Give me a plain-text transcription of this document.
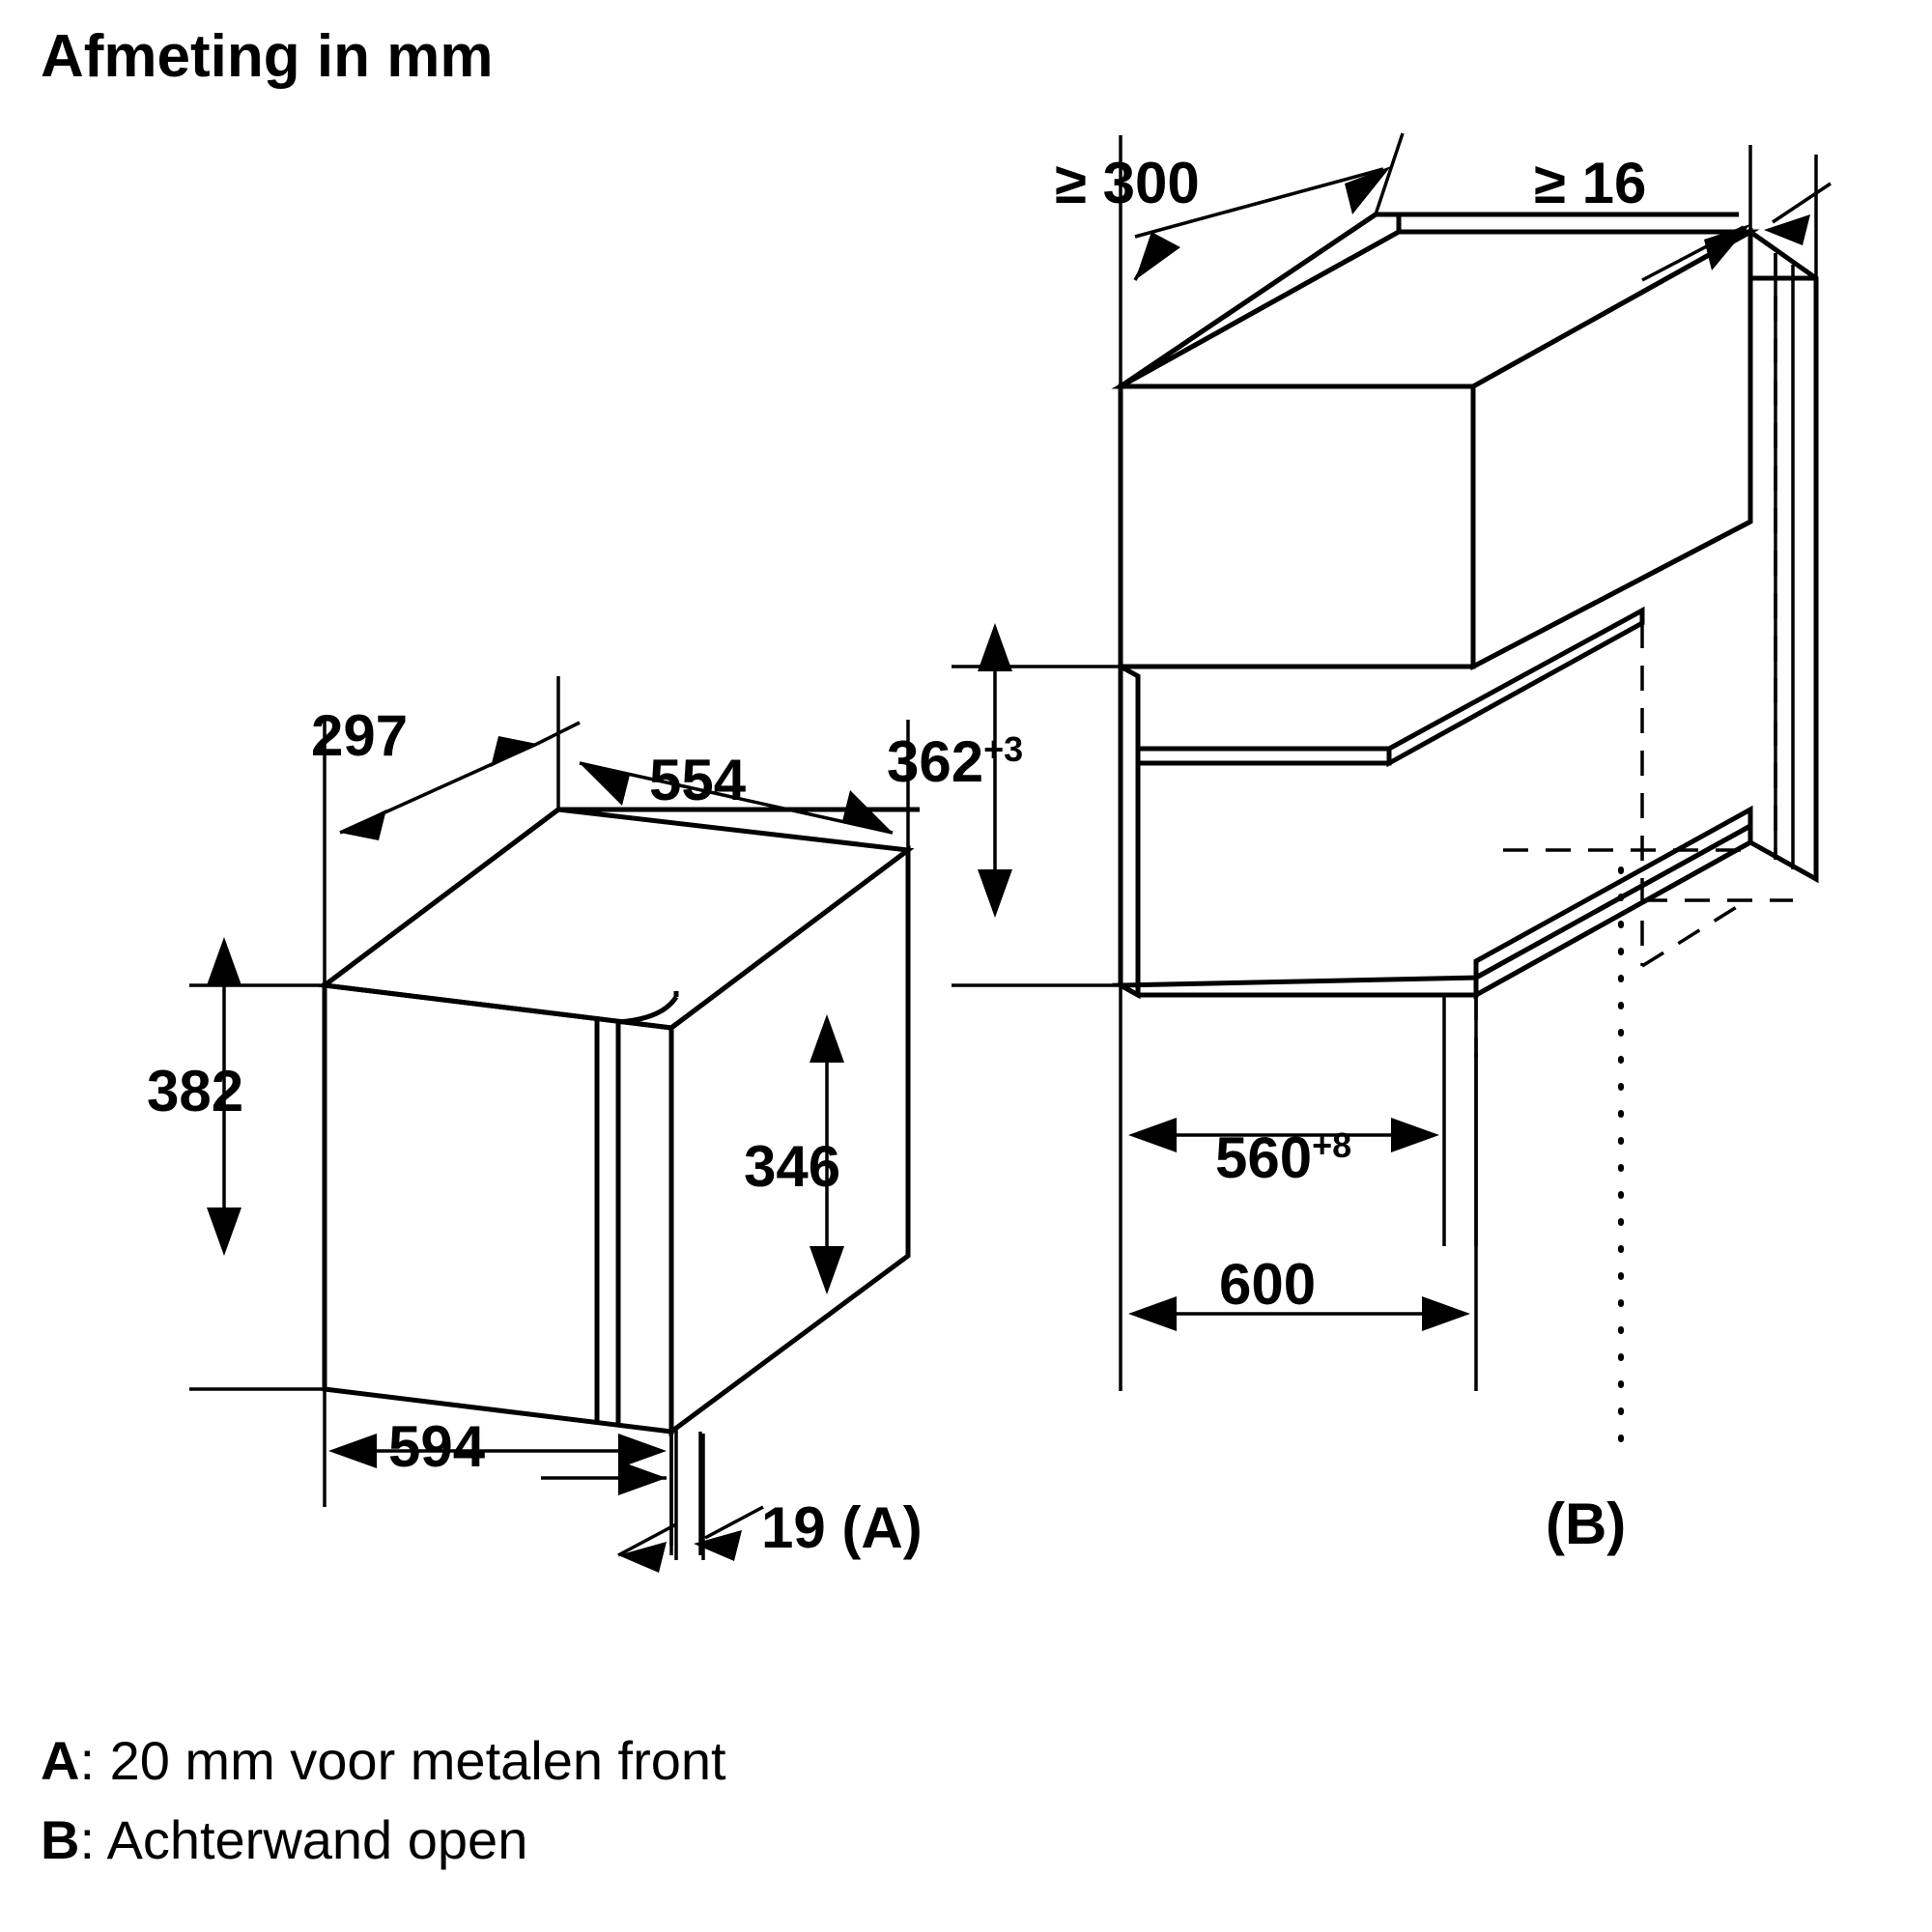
Afmeting in mm
297
554
382
346
594
19 (A)
≥ 300	≥ 16
$362^{+3}$
$560^{+8}$
600
(B)
A: 20 mm voor metalen front
B: Achterwand open
